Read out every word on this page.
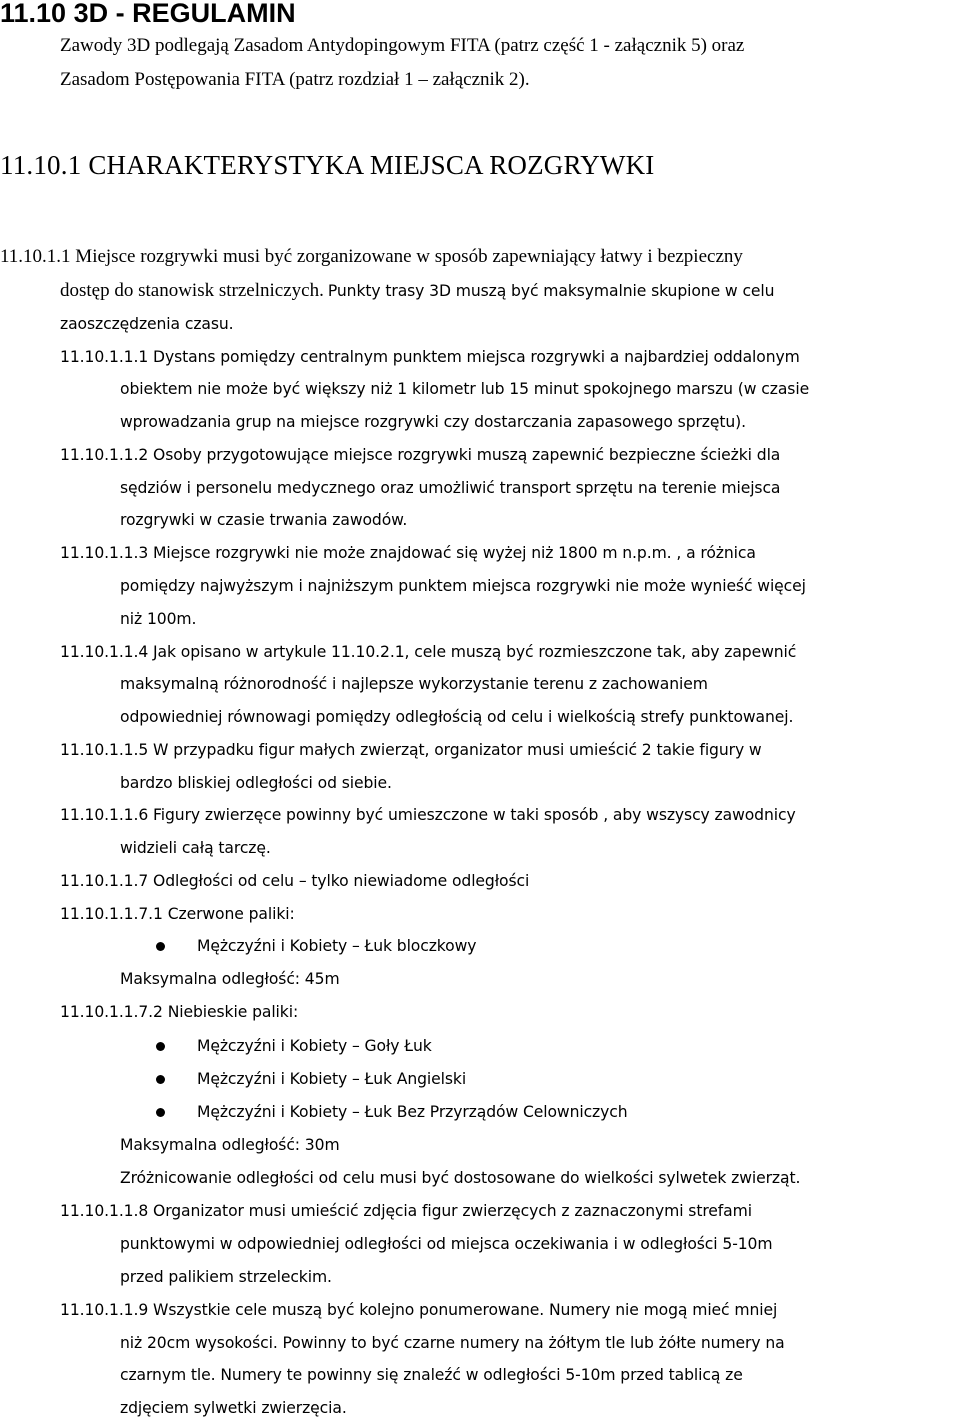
11.10 3D - REGULAMIN
Zawody 3D podlegają Zasadom Antydopingowym FITA (patrz część 1 - załącznik 5) oraz
Zasadom Postępowania FITA (patrz rozdział 1 – załącznik 2).
11.10.1 CHARAKTERYSTYKA MIEJSCA ROZGRYWKI
11.10.1.1 Miejsce rozgrywki musi być zorganizowane w sposób zapewniający łatwy i bezpieczny
dostęp do stanowisk strzelniczych. Punkty trasy 3D muszą być maksymalnie skupione w celu
zaoszczędzenia czasu.
11.10.1.1.1 Dystans pomiędzy centralnym punktem miejsca rozgrywki a najbardziej oddalonym
obiektem nie może być większy niż 1 kilometr lub 15 minut spokojnego marszu (w czasie
wprowadzania grup na miejsce rozgrywki czy dostarczania zapasowego sprzętu).
11.10.1.1.2 Osoby przygotowujące miejsce rozgrywki muszą zapewnić bezpieczne ścieżki dla
sędziów i personelu medycznego oraz umożliwić transport sprzętu na terenie miejsca
rozgrywki w czasie trwania zawodów.
11.10.1.1.3 Miejsce rozgrywki nie może znajdować się wyżej niż 1800 m n.p.m. , a różnica
pomiędzy najwyższym i najniższym punktem miejsca rozgrywki nie może wynieść więcej
niż 100m.
11.10.1.1.4 Jak opisano w artykule 11.10.2.1, cele muszą być rozmieszczone tak, aby zapewnić
maksymalną różnorodność i najlepsze wykorzystanie terenu z zachowaniem
odpowiedniej równowagi pomiędzy odległością od celu i wielkością strefy punktowanej.
11.10.1.1.5 W przypadku figur małych zwierząt, organizator musi umieścić 2 takie figury w
bardzo bliskiej odległości od siebie.
11.10.1.1.6 Figury zwierzęce powinny być umieszczone w taki sposób , aby wszyscy zawodnicy
widzieli całą tarczę.
11.10.1.1.7 Odległości od celu – tylko niewiadome odległości
11.10.1.1.7.1 Czerwone paliki:
Mężczyźni i Kobiety – Łuk bloczkowy
Maksymalna odległość: 45m
11.10.1.1.7.2 Niebieskie paliki:
Mężczyźni i Kobiety – Goły Łuk
Mężczyźni i Kobiety – Łuk Angielski
Mężczyźni i Kobiety – Łuk Bez Przyrządów Celowniczych
Maksymalna odległość: 30m
Zróżnicowanie odległości od celu musi być dostosowane do wielkości sylwetek zwierząt.
11.10.1.1.8 Organizator musi umieścić zdjęcia figur zwierzęcych z zaznaczonymi strefami
punktowymi w odpowiedniej odległości od miejsca oczekiwania i w odległości 5-10m
przed palikiem strzeleckim.
11.10.1.1.9 Wszystkie cele muszą być kolejno ponumerowane. Numery nie mogą mieć mniej
niż 20cm wysokości. Powinny to być czarne numery na żółtym tle lub żółte numery na
czarnym tle. Numery te powinny się znaleźć w odległości 5-10m przed tablicą ze
zdjęciem sylwetki zwierzęcia.
